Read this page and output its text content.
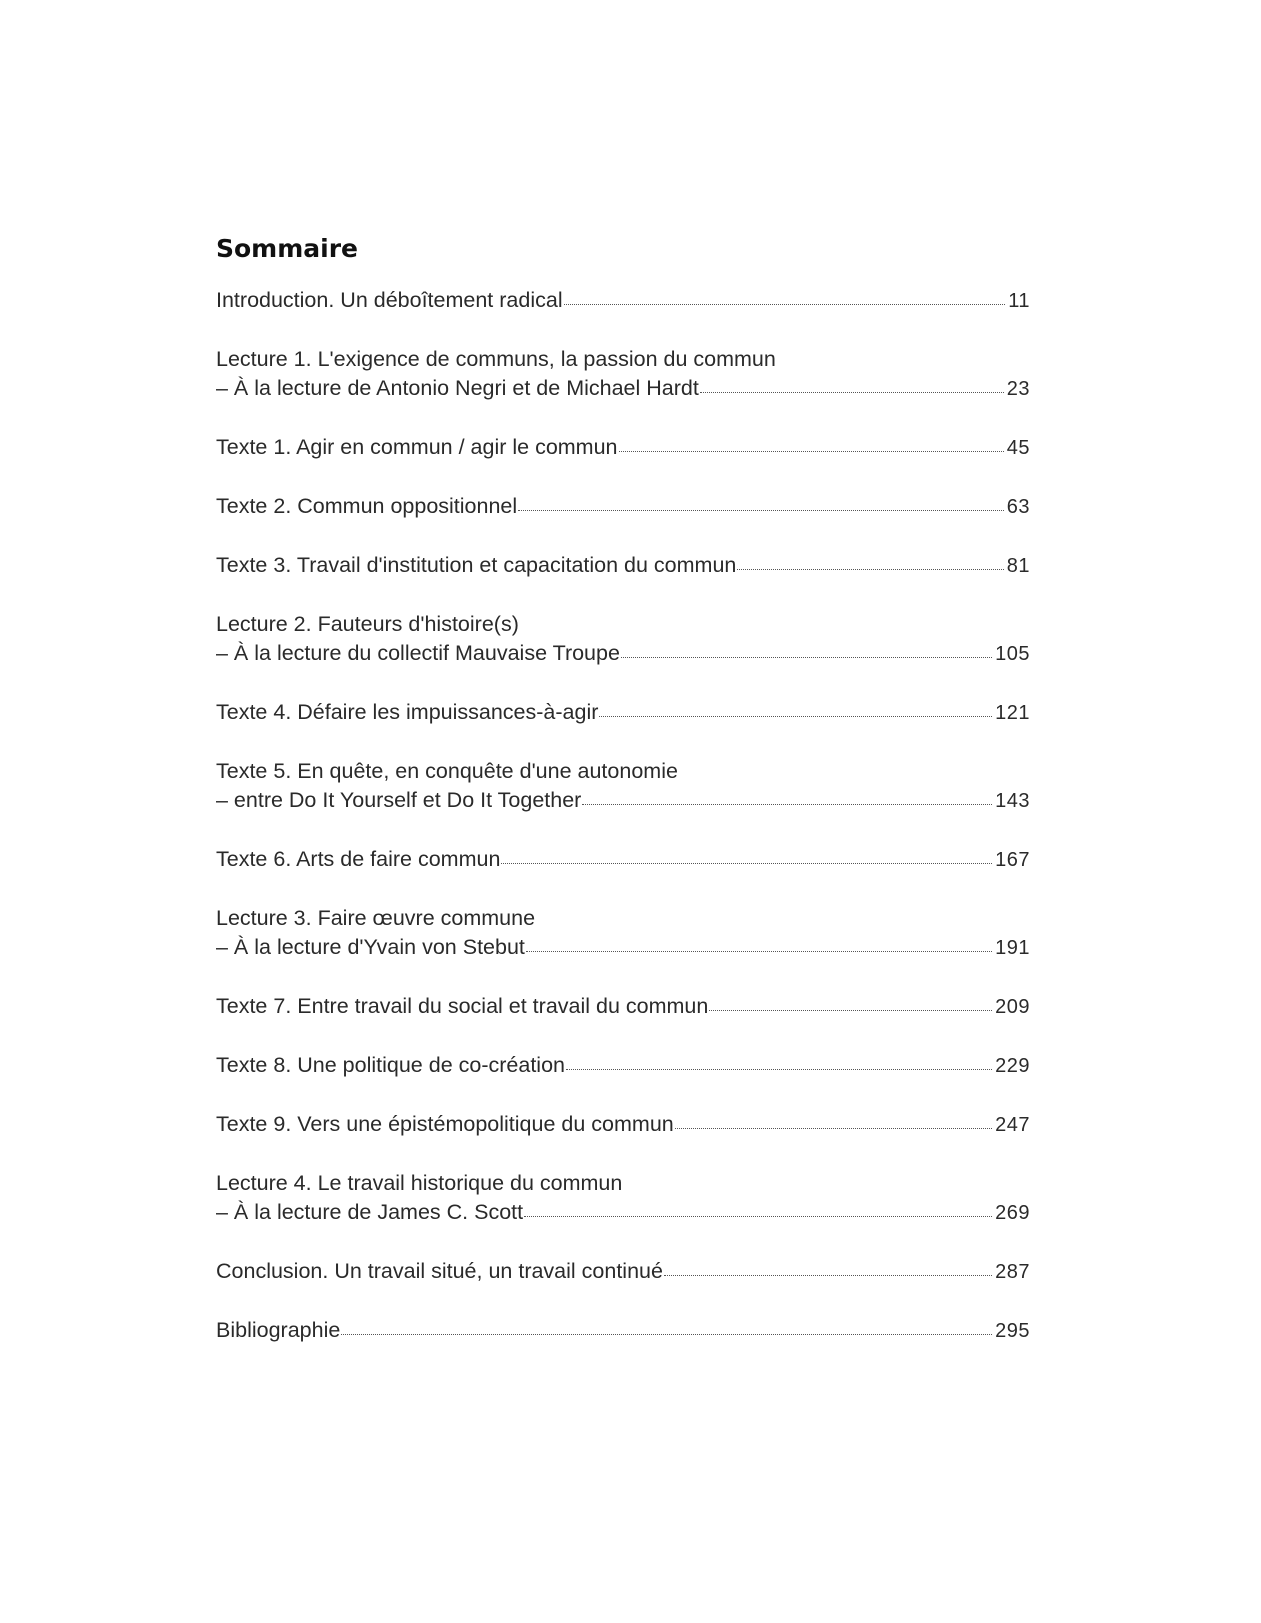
Sommaire
Introduction. Un déboîtement radical	11
Lecture 1. L'exigence de communs, la passion du commun
– À la lecture de Antonio Negri et de Michael Hardt	23
Texte 1. Agir en commun / agir le commun	45
Texte 2. Commun oppositionnel	63
Texte 3. Travail d'institution et capacitation du commun	81
Lecture 2. Fauteurs d'histoire(s)
– À la lecture du collectif Mauvaise Troupe	105
Texte 4. Défaire les impuissances-à-agir	121
Texte 5. En quête, en conquête d'une autonomie
– entre Do It Yourself et Do It Together	143
Texte 6. Arts de faire commun	167
Lecture 3. Faire œuvre commune
– À la lecture d'Yvain von Stebut	191
Texte 7. Entre travail du social et travail du commun	209
Texte 8. Une politique de co-création	229
Texte 9. Vers une épistémopolitique du commun	247
Lecture 4. Le travail historique du commun
– À la lecture de James C. Scott	269
Conclusion. Un travail situé, un travail continué	287
Bibliographie	295
